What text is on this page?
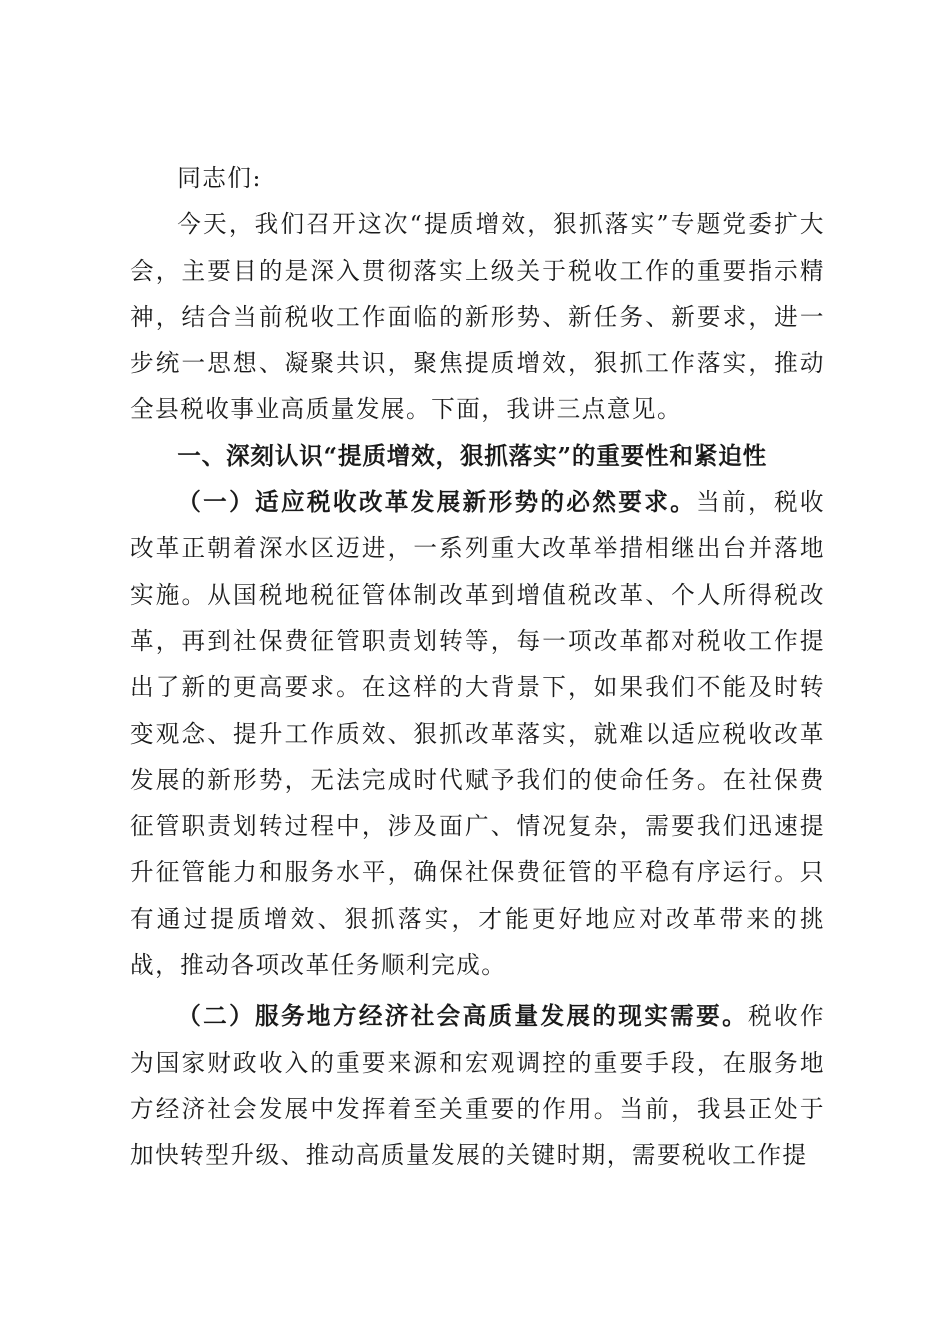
同志们:

今天，我们召开这次“提质增效，狠抓落实”专题党委扩大会，主要目的是深入贯彻落实上级关于税收工作的重要指示精神，结合当前税收工作面临的新形势、新任务、新要求，进一步统一思想、凝聚共识，聚焦提质增效，狠抓工作落实，推动全县税收事业高质量发展。下面，我讲三点意见。

一、深刻认识“提质增效，狠抓落实”的重要性和紧迫性

（一）适应税收改革发展新形势的必然要求。当前，税收改革正朝着深水区迈进，一系列重大改革举措相继出台并落地实施。从国税地税征管体制改革到增值税改革、个人所得税改革，再到社保费征管职责划转等，每一项改革都对税收工作提出了新的更高要求。在这样的大背景下，如果我们不能及时转变观念、提升工作质效、狠抓改革落实，就难以适应税收改革发展的新形势，无法完成时代赋予我们的使命任务。在社保费征管职责划转过程中，涉及面广、情况复杂，需要我们迅速提升征管能力和服务水平，确保社保费征管的平稳有序运行。只有通过提质增效、狠抓落实，才能更好地应对改革带来的挑战，推动各项改革任务顺利完成。

（二）服务地方经济社会高质量发展的现实需要。税收作为国家财政收入的重要来源和宏观调控的重要手段，在服务地方经济社会发展中发挥着至关重要的作用。当前，我县正处于加快转型升级、推动高质量发展的关键时期，需要税收工作提
